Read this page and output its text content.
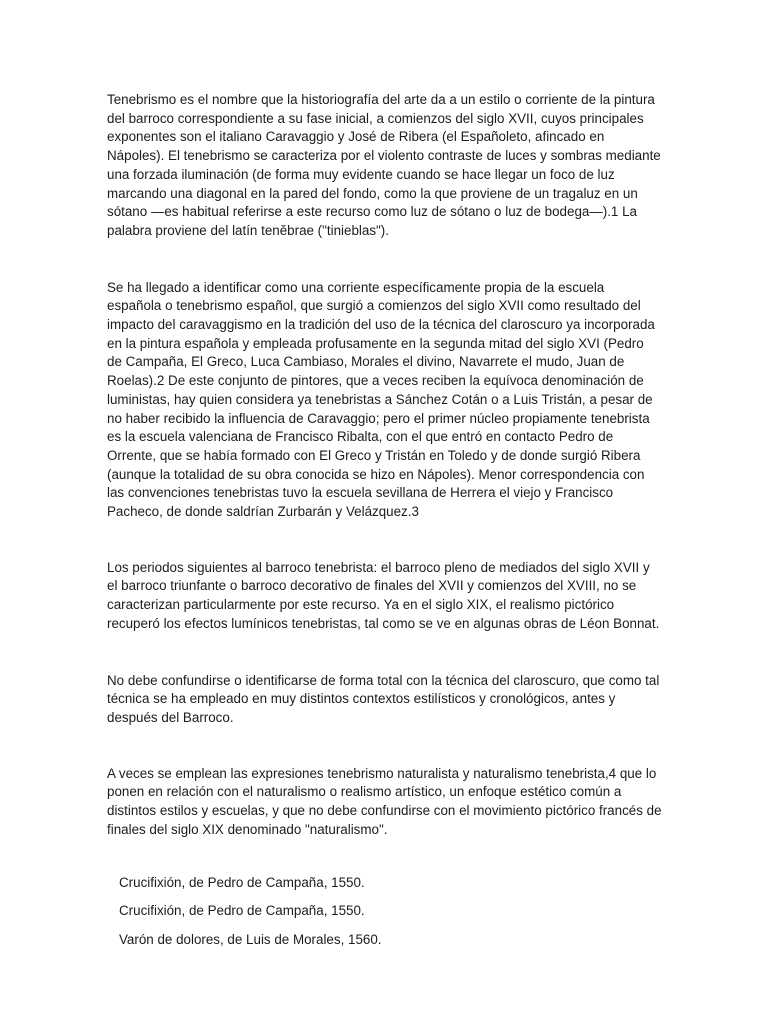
Tenebrismo es el nombre que la historiografía del arte da a un estilo o corriente de la pintura del barroco correspondiente a su fase inicial, a comienzos del siglo XVII, cuyos principales exponentes son el italiano Caravaggio y José de Ribera (el Españoleto, afincado en Nápoles). El tenebrismo se caracteriza por el violento contraste de luces y sombras mediante una forzada iluminación (de forma muy evidente cuando se hace llegar un foco de luz marcando una diagonal en la pared del fondo, como la que proviene de un tragaluz en un sótano —es habitual referirse a este recurso como luz de sótano o luz de bodega—).1 La palabra proviene del latín tenĕbrae ("tinieblas").

Se ha llegado a identificar como una corriente específicamente propia de la escuela española o tenebrismo español, que surgió a comienzos del siglo XVII como resultado del impacto del caravaggismo en la tradición del uso de la técnica del claroscuro ya incorporada en la pintura española y empleada profusamente en la segunda mitad del siglo XVI (Pedro de Campaña, El Greco, Luca Cambiaso, Morales el divino, Navarrete el mudo, Juan de Roelas).2 De este conjunto de pintores, que a veces reciben la equívoca denominación de luministas, hay quien considera ya tenebristas a Sánchez Cotán o a Luis Tristán, a pesar de no haber recibido la influencia de Caravaggio; pero el primer núcleo propiamente tenebrista es la escuela valenciana de Francisco Ribalta, con el que entró en contacto Pedro de Orrente, que se había formado con El Greco y Tristán en Toledo y de donde surgió Ribera (aunque la totalidad de su obra conocida se hizo en Nápoles). Menor correspondencia con las convenciones tenebristas tuvo la escuela sevillana de Herrera el viejo y Francisco Pacheco, de donde saldrían Zurbarán y Velázquez.3

Los periodos siguientes al barroco tenebrista: el barroco pleno de mediados del siglo XVII y el barroco triunfante o barroco decorativo de finales del XVII y comienzos del XVIII, no se caracterizan particularmente por este recurso. Ya en el siglo XIX, el realismo pictórico recuperó los efectos lumínicos tenebristas, tal como se ve en algunas obras de Léon Bonnat.

No debe confundirse o identificarse de forma total con la técnica del claroscuro, que como tal técnica se ha empleado en muy distintos contextos estilísticos y cronológicos, antes y después del Barroco.

A veces se emplean las expresiones tenebrismo naturalista y naturalismo tenebrista,4 que lo ponen en relación con el naturalismo o realismo artístico, un enfoque estético común a distintos estilos y escuelas, y que no debe confundirse con el movimiento pictórico francés de finales del siglo XIX denominado "naturalismo".

Crucifixión, de Pedro de Campaña, 1550.

Crucifixión, de Pedro de Campaña, 1550.

Varón de dolores, de Luis de Morales, 1560.
